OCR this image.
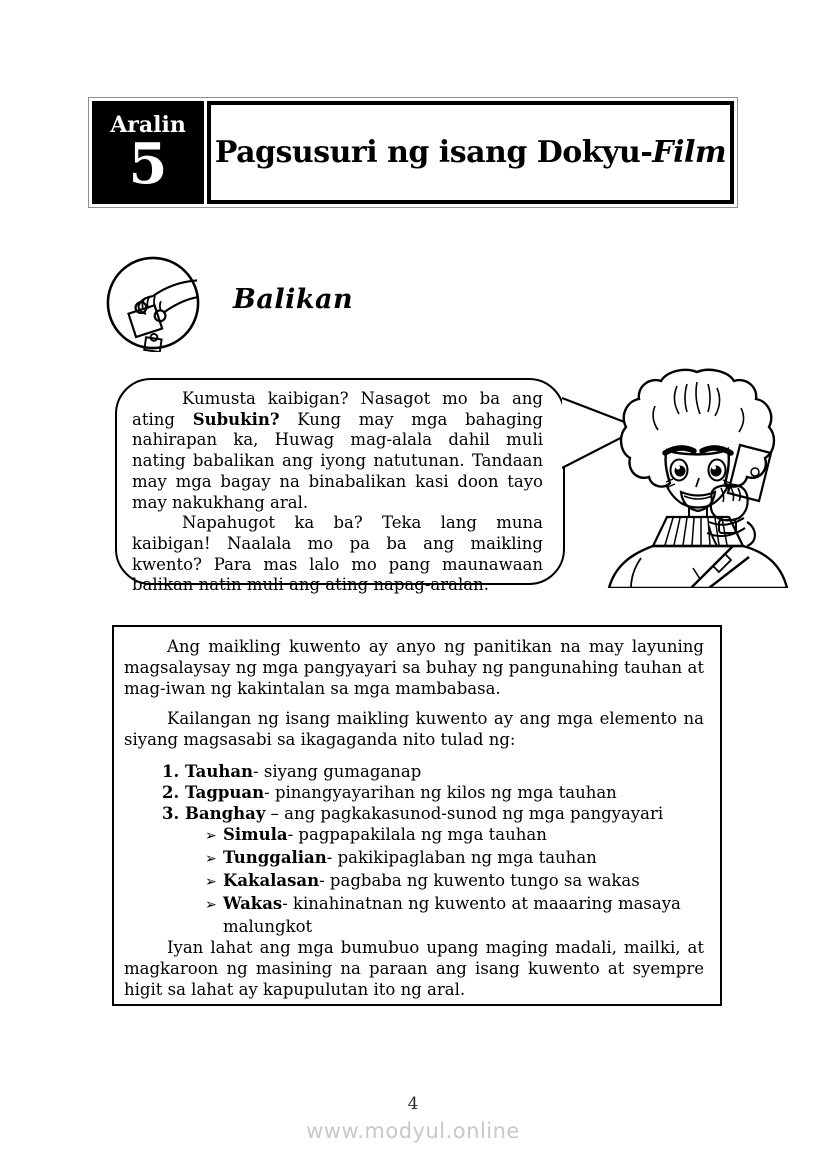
Aralin
5	Pagsusuri ng isang Dokyu- Film
Balikan

Kumusta kaibigan? Nasagot mo ba ang ating Subukin? Kung may mga bahaging nahirapan ka, Huwag mag-alala dahil muli nating babalikan ang iyong natutunan. Tandaan may mga bagay na binabalikan kasi doon tayo may nakukhang aral.

Napahugot ka ba? Teka lang muna kaibigan! Naalala mo pa ba ang maikling kwento? Para mas lalo mo pang maunawaan balikan natin muli ang ating napag-aralan.

Ang maikling kuwento ay anyo ng panitikan na may layuning magsalaysay ng mga pangyayari sa buhay ng pangunahing tauhan at mag-iwan ng kakintalan sa mga mambabasa.

Kailangan ng isang maikling kuwento ay ang mga elemento na siyang magsasabi sa ikagaganda nito tulad ng:

1. Tauhan- siyang gumaganap
2. Tagpuan- pinangyayarihan ng kilos ng mga tauhan
3. Banghay – ang pagkakasunod-sunod ng mga pangyayari
➢ Simula- pagpapakilala ng mga tauhan
➢ Tunggalian- pakikipaglaban ng mga tauhan
➢ Kakalasan- pagbaba ng kuwento tungo sa wakas
➢ Wakas- kinahinatnan ng kuwento at maaaring masaya malungkot

Iyan lahat ang mga bumubuo upang maging madali, mailki, at magkaroon ng masining na paraan ang isang kuwento at syempre higit sa lahat ay kapupulutan ito ng aral.

4
www.modyul.online
